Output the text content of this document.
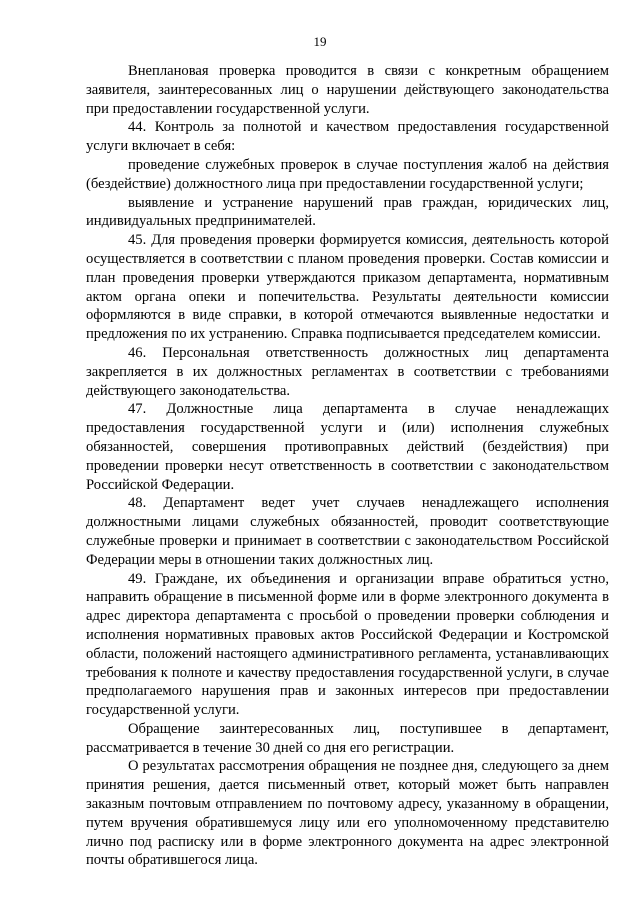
19

Внеплановая проверка проводится в связи с конкретным обращением заявителя, заинтересованных лиц о нарушении действующего законодательства при предоставлении государственной услуги.

44. Контроль за полнотой и качеством предоставления государственной услуги включает в себя:

проведение служебных проверок в случае поступления жалоб на действия (бездействие) должностного лица при предоставлении государственной услуги;

выявление и устранение нарушений прав граждан, юридических лиц, индивидуальных предпринимателей.

45. Для проведения проверки формируется комиссия, деятельность которой осуществляется в соответствии с планом проведения проверки. Состав комиссии и план проведения проверки утверждаются приказом департамента, нормативным актом органа опеки и попечительства. Результаты деятельности комиссии оформляются в виде справки, в которой отмечаются выявленные недостатки и предложения по их устранению. Справка подписывается председателем комиссии.

46. Персональная ответственность должностных лиц департамента закрепляется в их должностных регламентах в соответствии с требованиями действующего законодательства.

47. Должностные лица департамента в случае ненадлежащих предоставления государственной услуги и (или) исполнения служебных обязанностей, совершения противоправных действий (бездействия) при проведении проверки несут ответственность в соответствии с законодательством Российской Федерации.

48. Департамент ведет учет случаев ненадлежащего исполнения должностными лицами служебных обязанностей, проводит соответствующие служебные проверки и принимает в соответствии с законодательством Российской Федерации меры в отношении таких должностных лиц.

49. Граждане, их объединения и организации вправе обратиться устно, направить обращение в письменной форме или в форме электронного документа в адрес директора департамента с просьбой о проведении проверки соблюдения и исполнения нормативных правовых актов Российской Федерации и Костромской области, положений настоящего административного регламента, устанавливающих требования к полноте и качеству предоставления государственной услуги, в случае предполагаемого нарушения прав и законных интересов при предоставлении государственной услуги.

Обращение заинтересованных лиц, поступившее в департамент, рассматривается в течение 30 дней со дня его регистрации.

О результатах рассмотрения обращения не позднее дня, следующего за днем принятия решения, дается письменный ответ, который может быть направлен заказным почтовым отправлением по почтовому адресу, указанному в обращении, путем вручения обратившемуся лицу или его уполномоченному представителю лично под расписку или в форме электронного документа на адрес электронной почты обратившегося лица.
